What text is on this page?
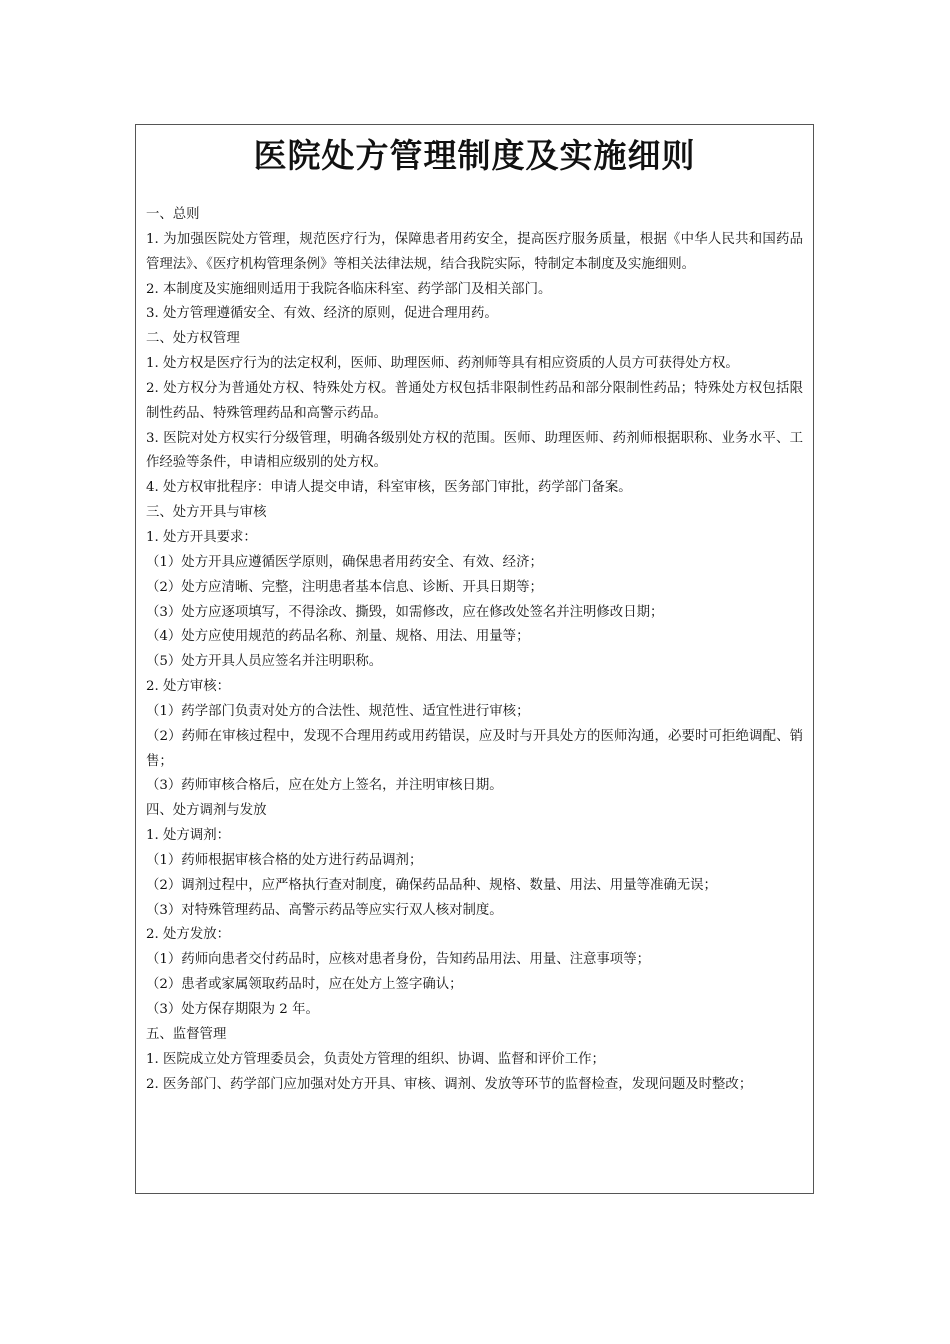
医院处方管理制度及实施细则

一、总则

1. 为加强医院处方管理，规范医疗行为，保障患者用药安全，提高医疗服务质量，根据《中华人民共和国药品管理法》、《医疗机构管理条例》等相关法律法规，结合我院实际，特制定本制度及实施细则。

2. 本制度及实施细则适用于我院各临床科室、药学部门及相关部门。

3. 处方管理遵循安全、有效、经济的原则，促进合理用药。

二、处方权管理

1. 处方权是医疗行为的法定权利，医师、助理医师、药剂师等具有相应资质的人员方可获得处方权。

2. 处方权分为普通处方权、特殊处方权。普通处方权包括非限制性药品和部分限制性药品；特殊处方权包括限制性药品、特殊管理药品和高警示药品。

3. 医院对处方权实行分级管理，明确各级别处方权的范围。医师、助理医师、药剂师根据职称、业务水平、工作经验等条件，申请相应级别的处方权。

4. 处方权审批程序：申请人提交申请，科室审核，医务部门审批，药学部门备案。

三、处方开具与审核

1. 处方开具要求：

（1）处方开具应遵循医学原则，确保患者用药安全、有效、经济；

（2）处方应清晰、完整，注明患者基本信息、诊断、开具日期等；

（3）处方应逐项填写，不得涂改、撕毁，如需修改，应在修改处签名并注明修改日期；

（4）处方应使用规范的药品名称、剂量、规格、用法、用量等；

（5）处方开具人员应签名并注明职称。

2. 处方审核：

（1）药学部门负责对处方的合法性、规范性、适宜性进行审核；

（2）药师在审核过程中，发现不合理用药或用药错误，应及时与开具处方的医师沟通，必要时可拒绝调配、销售；

（3）药师审核合格后，应在处方上签名，并注明审核日期。

四、处方调剂与发放

1. 处方调剂：

（1）药师根据审核合格的处方进行药品调剂；

（2）调剂过程中，应严格执行查对制度，确保药品品种、规格、数量、用法、用量等准确无误；

（3）对特殊管理药品、高警示药品等应实行双人核对制度。

2. 处方发放：

（1）药师向患者交付药品时，应核对患者身份，告知药品用法、用量、注意事项等；

（2）患者或家属领取药品时，应在处方上签字确认；

（3）处方保存期限为 2 年。

五、监督管理

1. 医院成立处方管理委员会，负责处方管理的组织、协调、监督和评价工作；

2. 医务部门、药学部门应加强对处方开具、审核、调剂、发放等环节的监督检查，发现问题及时整改；
